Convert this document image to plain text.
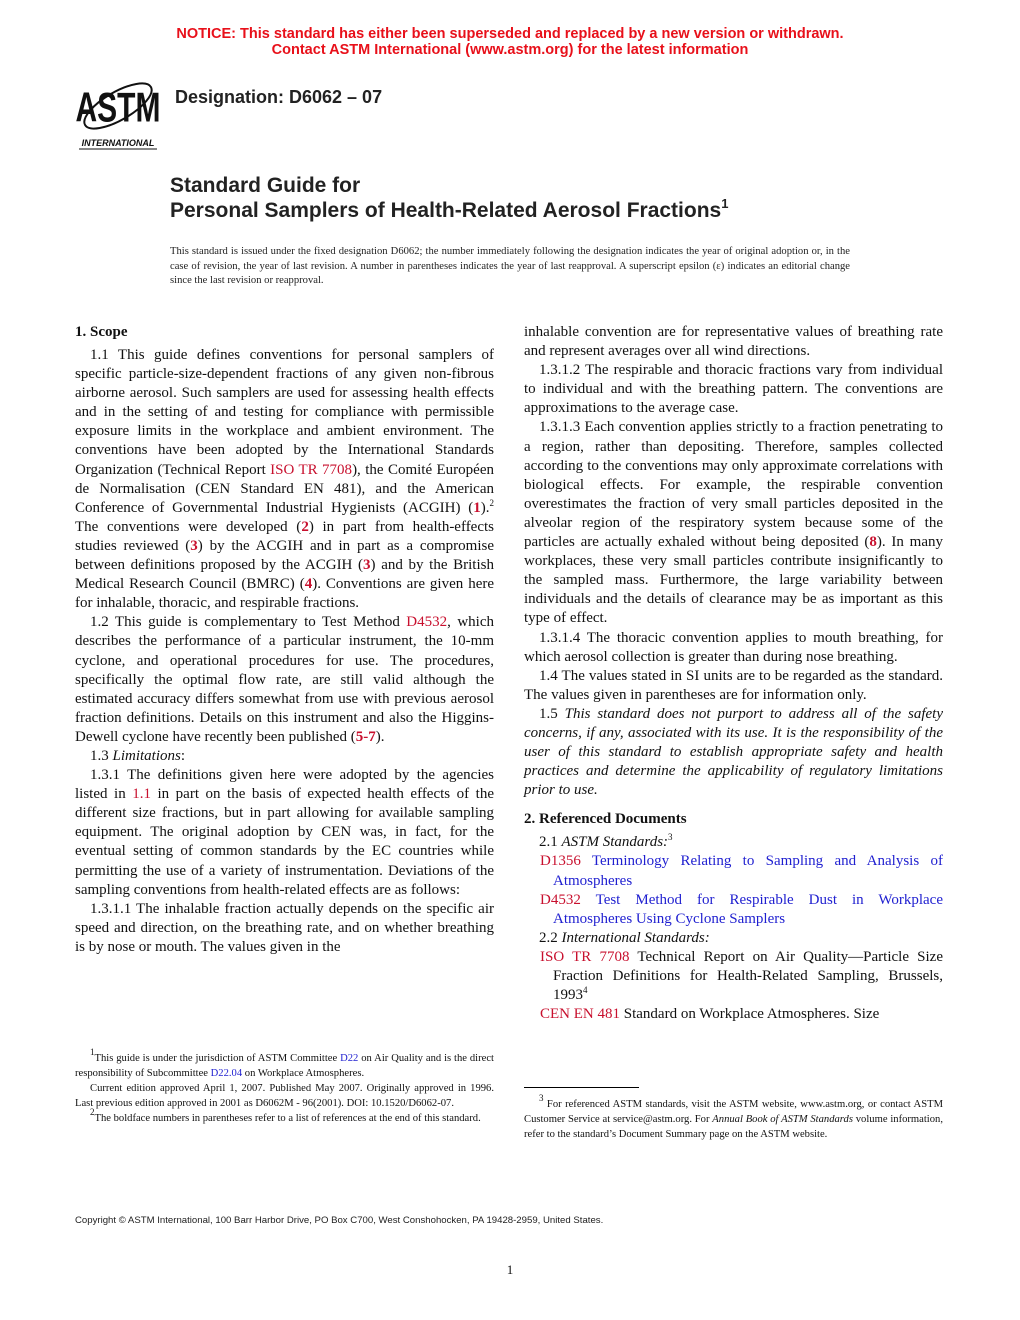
NOTICE: This standard has either been superseded and replaced by a new version or withdrawn.
Contact ASTM International (www.astm.org) for the latest information
ASTM
INTERNATIONAL
Designation: D6062 – 07
Standard Guide for
Personal Samplers of Health-Related Aerosol Fractions$^1$
This standard is issued under the fixed designation D6062; the number immediately following the designation indicates the year of original adoption or, in the case of revision, the year of last revision. A number in parentheses indicates the year of last reapproval. A superscript epsilon (ε) indicates an editorial change since the last revision or reapproval.
1. Scope

1.1 This guide defines conventions for personal samplers of specific particle-size-dependent fractions of any given non-fibrous airborne aerosol. Such samplers are used for assessing health effects and in the setting of and testing for compliance with permissible exposure limits in the workplace and ambient environment. The conventions have been adopted by the International Standards Organization (Technical Report ISO TR 7708), the Comité Européen de Normalisation (CEN Standard EN 481), and the American Conference of Governmental Industrial Hygienists (ACGIH) (1).$^2$ The conventions were developed (2) in part from health-effects studies reviewed (3) by the ACGIH and in part as a compromise between definitions proposed by the ACGIH (3) and by the British Medical Research Council (BMRC) (4). Conventions are given here for inhalable, thoracic, and respirable fractions.

1.2 This guide is complementary to Test Method D4532, which describes the performance of a particular instrument, the 10-mm cyclone, and operational procedures for use. The procedures, specifically the optimal flow rate, are still valid although the estimated accuracy differs somewhat from use with previous aerosol fraction definitions. Details on this instrument and also the Higgins-Dewell cyclone have recently been published (5-7).

1.3 Limitations:

1.3.1 The definitions given here were adopted by the agencies listed in 1.1 in part on the basis of expected health effects of the different size fractions, but in part allowing for available sampling equipment. The original adoption by CEN was, in fact, for the eventual setting of common standards by the EC countries while permitting the use of a variety of instrumentation. Deviations of the sampling conventions from health-related effects are as follows:

1.3.1.1 The inhalable fraction actually depends on the specific air speed and direction, on the breathing rate, and on whether breathing is by nose or mouth. The values given in the

inhalable convention are for representative values of breathing rate and represent averages over all wind directions.

1.3.1.2 The respirable and thoracic fractions vary from individual to individual and with the breathing pattern. The conventions are approximations to the average case.

1.3.1.3 Each convention applies strictly to a fraction penetrating to a region, rather than depositing. Therefore, samples collected according to the conventions may only approximate correlations with biological effects. For example, the respirable convention overestimates the fraction of very small particles deposited in the alveolar region of the respiratory system because some of the particles are actually exhaled without being deposited (8). In many workplaces, these very small particles contribute insignificantly to the sampled mass. Furthermore, the large variability between individuals and the details of clearance may be as important as this type of effect.

1.3.1.4 The thoracic convention applies to mouth breathing, for which aerosol collection is greater than during nose breathing.

1.4 The values stated in SI units are to be regarded as the standard. The values given in parentheses are for information only.

1.5 This standard does not purport to address all of the safety concerns, if any, associated with its use. It is the responsibility of the user of this standard to establish appropriate safety and health practices and determine the applicability of regulatory limitations prior to use.

2. Referenced Documents

2.1 ASTM Standards:$^3$

D1356 Terminology Relating to Sampling and Analysis of Atmospheres

D4532 Test Method for Respirable Dust in Workplace Atmospheres Using Cyclone Samplers

2.2 International Standards:

ISO TR 7708 Technical Report on Air Quality—Particle Size Fraction Definitions for Health-Related Sampling, Brussels, 1993$^4$

CEN EN 481 Standard on Workplace Atmospheres. Size

$^1$This guide is under the jurisdiction of ASTM Committee D22 on Air Quality and is the direct responsibility of Subcommittee D22.04 on Workplace Atmospheres.

Current edition approved April 1, 2007. Published May 2007. Originally approved in 1996. Last previous edition approved in 2001 as D6062M - 96(2001). DOI: 10.1520/D6062-07.

$^2$The boldface numbers in parentheses refer to a list of references at the end of this standard.

$^3$ For referenced ASTM standards, visit the ASTM website, www.astm.org, or contact ASTM Customer Service at service@astm.org. For Annual Book of ASTM Standards volume information, refer to the standard’s Document Summary page on the ASTM website.

Copyright © ASTM International, 100 Barr Harbor Drive, PO Box C700, West Conshohocken, PA 19428-2959, United States.
1
